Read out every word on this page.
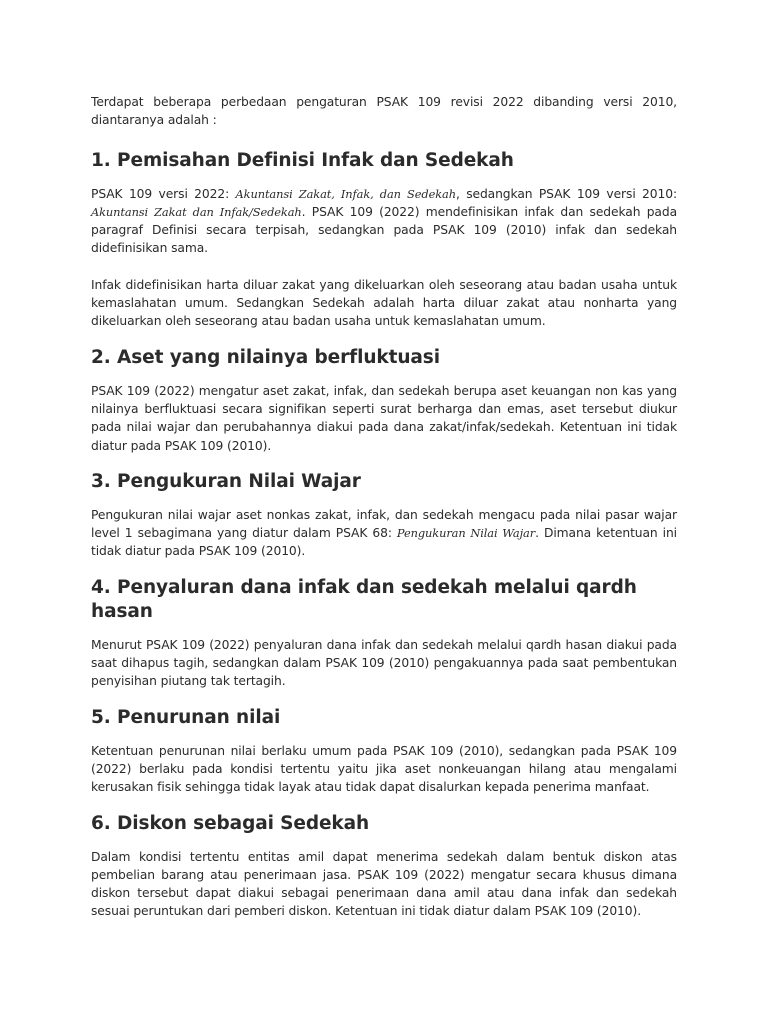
Terdapat beberapa perbedaan pengaturan PSAK 109 revisi 2022 dibanding versi 2010, diantaranya adalah :

1. Pemisahan Definisi Infak dan Sedekah

PSAK 109 versi 2022: Akuntansi Zakat, Infak, dan Sedekah, sedangkan PSAK 109 versi 2010: Akuntansi Zakat dan Infak/Sedekah. PSAK 109 (2022) mendefinisikan infak dan sedekah pada paragraf Definisi secara terpisah, sedangkan pada PSAK 109 (2010) infak dan sedekah didefinisikan sama.

Infak didefinisikan harta diluar zakat yang dikeluarkan oleh seseorang atau badan usaha untuk kemaslahatan umum. Sedangkan Sedekah adalah harta diluar zakat atau nonharta yang dikeluarkan oleh seseorang atau badan usaha untuk kemaslahatan umum.

2. Aset yang nilainya berfluktuasi

PSAK 109 (2022) mengatur aset zakat, infak, dan sedekah berupa aset keuangan non kas yang nilainya berfluktuasi secara signifikan seperti surat berharga dan emas, aset tersebut diukur pada nilai wajar dan perubahannya diakui pada dana zakat/infak/sedekah. Ketentuan ini tidak diatur pada PSAK 109 (2010).

3. Pengukuran Nilai Wajar

Pengukuran nilai wajar aset nonkas zakat, infak, dan sedekah mengacu pada nilai pasar wajar level 1 sebagimana yang diatur dalam PSAK 68: Pengukuran Nilai Wajar. Dimana ketentuan ini tidak diatur pada PSAK 109 (2010).

4. Penyaluran dana infak dan sedekah melalui qardh hasan

Menurut PSAK 109 (2022) penyaluran dana infak dan sedekah melalui qardh hasan diakui pada saat dihapus tagih, sedangkan dalam PSAK 109 (2010) pengakuannya pada saat pembentukan penyisihan piutang tak tertagih.

5. Penurunan nilai

Ketentuan penurunan nilai berlaku umum pada PSAK 109 (2010), sedangkan pada PSAK 109 (2022) berlaku pada kondisi tertentu yaitu jika aset nonkeuangan hilang atau mengalami kerusakan fisik sehingga tidak layak atau tidak dapat disalurkan kepada penerima manfaat.

6. Diskon sebagai Sedekah

Dalam kondisi tertentu entitas amil dapat menerima sedekah dalam bentuk diskon atas pembelian barang atau penerimaan jasa. PSAK 109 (2022) mengatur secara khusus dimana diskon tersebut dapat diakui sebagai penerimaan dana amil atau dana infak dan sedekah sesuai peruntukan dari pemberi diskon. Ketentuan ini tidak diatur dalam PSAK 109 (2010).
